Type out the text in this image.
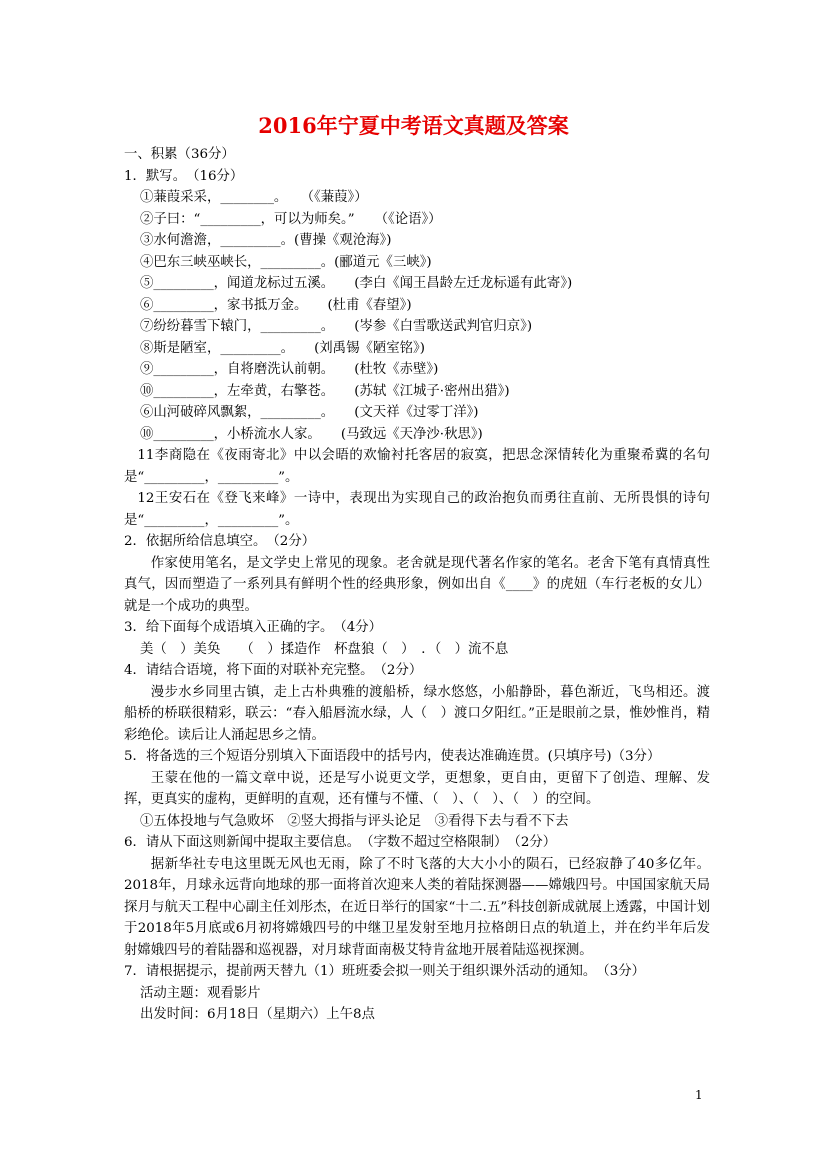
2016年宁夏中考语文真题及答案

一、积累（36分）

1．默写。　（16分）

①蒹葭采采，________。　　（《蒹葭》）

②子曰：“_________，可以为师矣。”　　（《论语》）

③水何澹澹，_________。(曹操《观沧海》)

④巴东三峡巫峡长，_________。(郦道元《三峡》)

⑤_________，闻道龙标过五溪。　　(李白《闻王昌龄左迁龙标遥有此寄》)

⑥_________，家书抵万金。　　(杜甫《春望》)

⑦纷纷暮雪下辕门，_________。　　(岑参《白雪歌送武判官归京》)

⑧斯是陋室，_________。　　(刘禹锡《陋室铭》)

⑨_________，自将磨洗认前朝。　　(杜牧《赤壁》)

⑩_________，左牵黄，右擎苍。　　(苏轼《江城子·密州出猎》)

⑥山河破碎风飘絮，_________。　　(文天祥《过零丁洋》)

⑩_________，小桥流水人家。　　(马致远《天净沙·秋思》)

11李商隐在《夜雨寄北》中以会晤的欢愉衬托客居的寂寞，把思念深情转化为重聚希冀的名句是“_________，_________”。

12王安石在《登飞来峰》一诗中，表现出为实现自己的政治抱负而勇往直前、无所畏惧的诗句是“_________，_________”。

2．依据所给信息填空。　（2分）

作家使用笔名，是文学史上常见的现象。老舍就是现代著名作家的笔名。老舍下笔有真情真性真气，因而塑造了一系列具有鲜明个性的经典形象，例如出自《____》的虎妞（车行老板的女儿）就是一个成功的典型。

3．给下面每个成语填入正确的字。　（4分）

美（　）美奂　　（　）揉造作　杯盘狼（　）　．（　）流不息

4．请结合语境，将下面的对联补充完整。　（2分）

漫步水乡同里古镇，走上古朴典雅的渡船桥，绿水悠悠，小船静卧，暮色渐近，飞鸟相还。渡船桥的桥联很精彩，联云：“春入船唇流水绿，人（　）渡口夕阳红。”正是眼前之景，惟妙惟肖，精彩绝伦。读后让人涌起思乡之情。

5．将备选的三个短语分别填入下面语段中的括号内，使表达准确连贯。(只填序号)（3分）

王蒙在他的一篇文章中说，还是写小说更文学，更想象，更自由，更留下了创造、理解、发挥，更真实的虚构，更鲜明的直观，还有懂与不懂、（　）、（　）、（　）的空间。

①五体投地与气急败坏　②竖大拇指与评头论足　③看得下去与看不下去

6．请从下面这则新闻中提取主要信息。　（字数不超过空格限制）　（2分）

据新华社专电这里既无风也无雨，除了不时飞落的大大小小的陨石，已经寂静了40多亿年。2018年，月球永远背向地球的那一面将首次迎来人类的着陆探测器——嫦娥四号。中国国家航天局探月与航天工程中心副主任刘彤杰，在近日举行的国家“十二.五”科技创新成就展上透露，中国计划于2018年5月底或6月初将嫦娥四号的中继卫星发射至地月拉格朗日点的轨道上，并在约半年后发射嫦娥四号的着陆器和巡视器，对月球背面南极艾特肯盆地开展着陆巡视探测。

7．请根据提示，提前两天替九（1）班班委会拟一则关于组织课外活动的通知。　（3分）

活动主题：观看影片

出发时间：6月18日（星期六）上午8点

1
